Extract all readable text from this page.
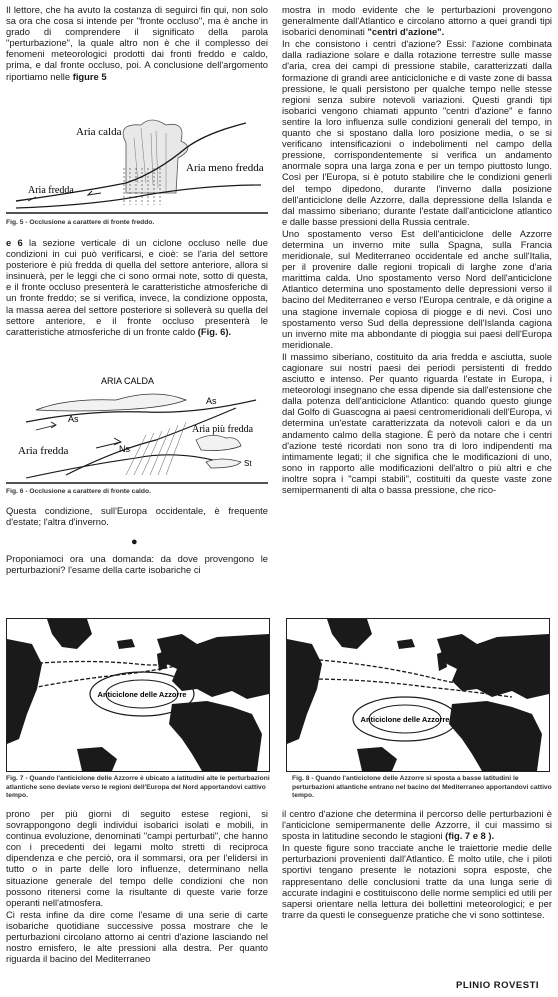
Il lettore, che ha avuto la costanza di seguirci fin qui, non solo sa ora che cosa si intende per "fronte occluso", ma è anche in grado di comprendere il significato della parola "perturbazione", la quale altro non è che il complesso dei fenomeni meteorologici prodotti dai fronti freddo e caldo, prima, e dal fronte occluso, poi. A conclusione dell'argomento riportiamo nelle figure 5

Aria calda
Aria meno fredda
Aria fredda
Fig. 5 - Occlusione a carattere di fronte freddo.

e 6 la sezione verticale di un ciclone occluso nelle due condizioni in cui può verificarsi, e cioè: se l'aria del settore posteriore è più fredda di quella del settore anteriore, allora si insinuerà, per le leggi che ci sono ormai note, sotto di questa, e il fronte occluso presenterà le caratteristiche atmosferiche di un fronte freddo; se si verifica, invece, la condizione opposta, la massa aerea del settore posteriore si solleverà su quella del settore anteriore, e il fronte occluso presenterà le caratteristiche atmosferiche di un fronte caldo (Fig. 6).

ARIA CALDA
As
As
Ns
Aria fredda
Aria più fredda
St
Fig. 6 - Occlusione a carattere di fronte caldo.

Questa condizione, sull'Europa occidentale, è frequente d'estate; l'altra d'inverno.

●

Proponiamoci ora una domanda: da dove provengono le perturbazioni? l'esame della carte isobariche ci

mostra in modo evidente che le perturbazioni provengono generalmente dall'Atlantico e circolano attorno a quei grandi tipi isobarici denominati "centri d'azione".

In che consistono i centri d'azione? Essi: l'azione combinata dalla radiazione solare e dalla rotazione terrestre sulle masse d'aria, crea dei campi di pressione stabile, caratterizzati dalla formazione di grandi aree anticicloniche e di vaste zone di bassa pressione, le quali persistono per qualche tempo nelle stesse regioni senza subire notevoli variazioni. Questi grandi tipi isobarici vengono chiamati appunto "centri d'azione" e fanno sentire la loro influenza sulle condizioni generali del tempo, in quanto che si spostano dalla loro posizione media, o se si verificano intensificazioni o indebolimenti nel campo della pressione, corrispondentemente si verifica un andamento anormale sopra una larga zona e per un tempo piuttosto lungo. Così per l'Europa, si è potuto stabilire che le condizioni generli del tempo dipedono, durante l'inverno dalla posizione dell'anticiclone delle Azzorre, dalla depressione della Islanda e dal massimo siberiano; durante l'estate dall'anticiclone atlantico e dalle basse pressioni della Russia centrale.

Uno spostamento verso Est dell'anticiclone delle Azzorre determina un inverno mite sulla Spagna, sulla Francia meridionale, sul Mediterraneo occidentale ed anche sull'Italia, per il provenire dalle regioni tropicali di larghe zone d'aria marittima calda. Uno spostamento verso Nord dell'anticiclone Atlantico determina uno spostamento delle depressioni verso il bacino del Mediterraneo e verso l'Europa centrale, e dà origine a una stagione invernale copiosa di piogge e di nevi. Così uno spostamento verso Sud della depressione dell'Islanda cagiona un inverno mite ma abbondante di pioggia sui paesi dell'Europa meridionale.

Il massimo siberiano, costituito da aria fredda e asciutta, suole cagionare sui nostri paesi dei periodi persistenti di freddo asciutto e intenso. Per quanto riguarda l'estate in Europa, i meteorologi insegnano che essa dipende sia dall'estensione che dalla potenza dell'anticiclone Atlantico: quando questo giunge dal Golfo di Guascogna ai paesi centromeridionali dell'Europa, vi determina un'estate caratterizzata da notevoli calori e da un andamento calmo della stagione. È però da notare che i centri d'azione testé ricordati non sono tra di loro indipendenti ma intimamente legati; il che significa che le modificazioni di uno, sono in rapporto alle modificazioni dell'altro o più altri e che inoltre sopra i "campi stabili", costituiti da queste vaste zone semipermanenti di alta o bassa pressione, che rico-

Anticiclone delle Azzorre
Fig. 7 - Quando l'anticiclone delle Azzorre è ubicato a latitudini alte le perturbazioni atlantiche sono deviate verso le regioni dell'Europa del Nord apportandovi cattivo tempo.
Anticiclone delle Azzorre
Fig. 8 - Quando l'anticiclone delle Azzorre si sposta a basse latitudini le perturbazioni atlantiche entrano nel bacino del Mediterraneo apportandovi cattivo tempo.

prono per più giorni di seguito estese regioni, si sovrappongono degli individui isobarici isolati e mobili, in continua evoluzione, denominati "campi perturbati", che hanno con i precedenti dei legami molto stretti di reciproca dipendenza e che perciò, ora il sommarsi, ora per l'elidersi in tutto o in parte delle loro influenze, determinano nella situazione generale del tempo delle condizioni che non possono ritenersi come la risultante di queste varie forze operanti nell'atmosfera.

Ci resta infine da dire come l'esame di una serie di carte isobariche quotidiane successive possa mostrare che le perturbazioni circolano attorno ai centri d'azione lasciando nel nostro emisfero, le alte pressioni alla destra. Per quanto riguarda il bacino del Mediterraneo

il centro d'azione che determina il percorso delle perturbazioni è l'anticiclone semipermanente delle Azzorre, il cui massimo si sposta in latitudine secondo le stagioni (fig. 7 e 8 ).

In queste figure sono tracciate anche le traiettorie medie delle perturbazioni provenienti dall'Atlantico. È molto utile, che i piloti sportivi tengano presente le notazioni sopra esposte, che rappresentano delle conclusioni tratte da una lunga serie di accurate indagini e costituiscono delle norme semplici ed utili per sapersi orientare nella lettura dei bollettini meteorologici; e per trarre da questi le conseguenze pratiche che vi sono sottintese.

PLINIO ROVESTI
